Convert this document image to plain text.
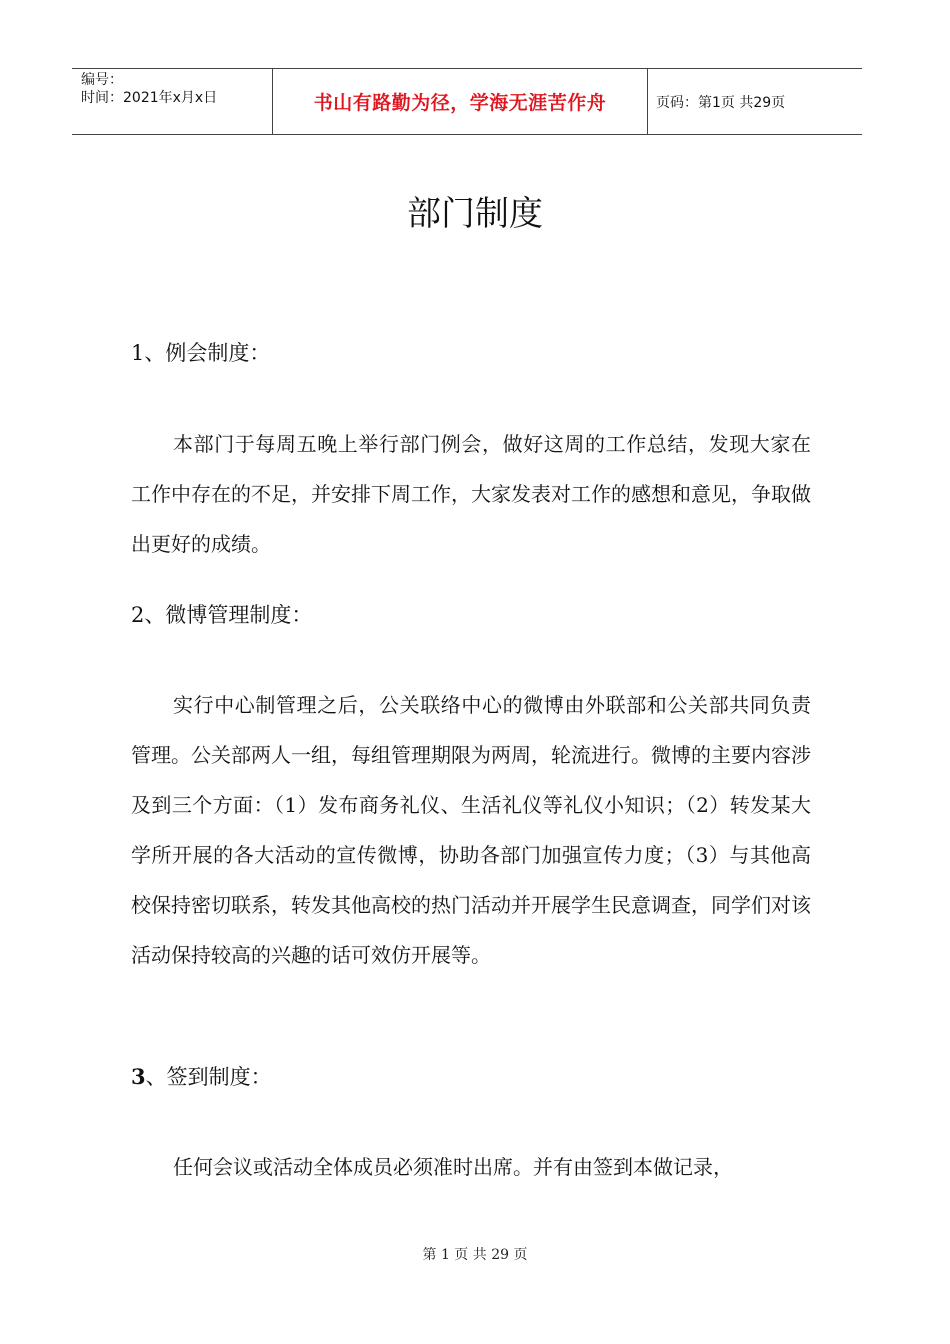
编号：
时间：2021年x月x日	书山有路勤为径，学海无涯苦作舟	页码：第1页 共29页
部门制度
1、例会制度：

本部门于每周五晚上举行部门例会，做好这周的工作总结，发现大家在工作中存在的不足，并安排下周工作，大家发表对工作的感想和意见，争取做出更好的成绩。

2、微博管理制度：

实行中心制管理之后，公关联络中心的微博由外联部和公关部共同负责管理。公关部两人一组，每组管理期限为两周，轮流进行。微博的主要内容涉及到三个方面：（1）发布商务礼仪、生活礼仪等礼仪小知识；（2）转发某大学所开展的各大活动的宣传微博，协助各部门加强宣传力度；（3）与其他高校保持密切联系，转发其他高校的热门活动并开展学生民意调查，同学们对该活动保持较高的兴趣的话可效仿开展等。

3、签到制度：

任何会议或活动全体成员必须准时出席。并有由签到本做记录，

第 1 页 共 29 页
